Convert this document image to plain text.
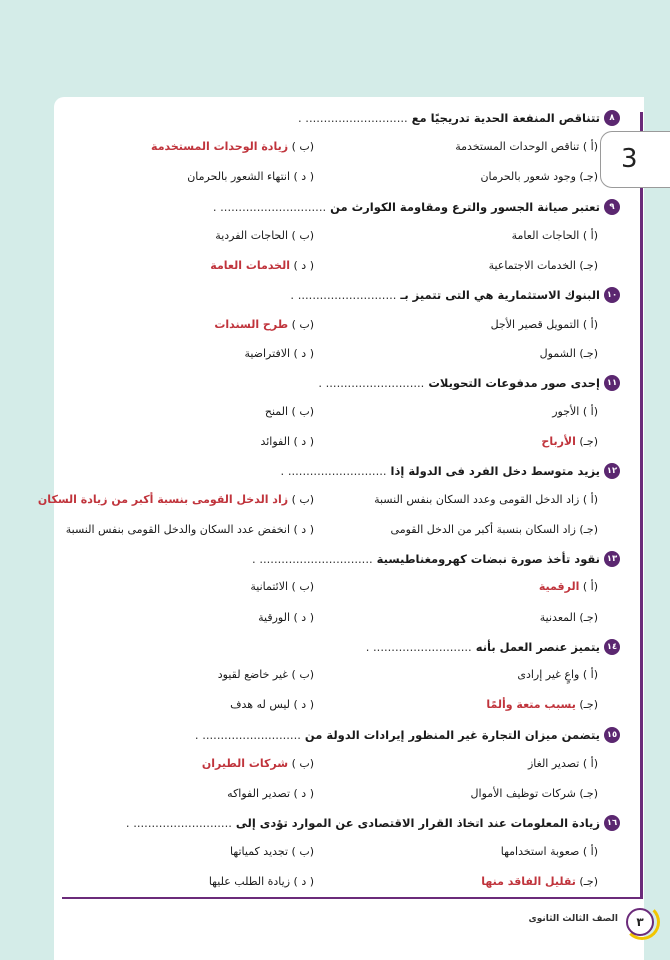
3
٨
تتناقص المنفعة الحدية تدريجيًا مع
............................ .
(أ ) تناقص الوحدات المستخدمة
(ب ) زيادة الوحدات المستخدمة
(جـ) وجود شعور بالحرمان
( د ) انتهاء الشعور بالحرمان
٩
تعتبر صيانة الجسور والترع ومقاومة الكوارث من
............................. .
(أ ) الحاجات العامة
(ب ) الحاجات الفردية
(جـ) الخدمات الاجتماعية
( د ) الخدمات العامة
١٠
البنوك الاستثمارية هي التى تتميز بـ
........................... .
(أ ) التمويل قصير الأجل
(ب ) طرح السندات
(جـ) الشمول
( د ) الافتراضية
١١
إحدى صور مدفوعات التحويلات
........................... .
(أ ) الأجور
(ب ) المنح
(جـ) الأرباح
( د ) الفوائد
١٢
يزيد متوسط دخل الفرد فى الدولة إذا
........................... .
(أ ) زاد الدخل القومى وعدد السكان بنفس النسبة
(ب ) زاد الدخل القومى بنسبة أكبر من زيادة السكان
(جـ) زاد السكان بنسبة أكبر من الدخل القومى
( د ) انخفض عدد السكان والدخل القومى بنفس النسبة
١٣
نقود تأخذ صورة نبضات كهرومغناطيسية
............................... .
(أ ) الرقمية
(ب ) الائتمانية
(جـ) المعدنية
( د ) الورقية
١٤
يتميز عنصر العمل بأنه
........................... .
(أ ) واعٍ غير إرادى
(ب ) غير خاضع لقيود
(جـ) يسبب متعة وألمًا
( د ) ليس له هدف
١٥
يتضمن ميزان التجارة غير المنظور إيرادات الدولة من
........................... .
(أ ) تصدير الغاز
(ب ) شركات الطيران
(جـ) شركات توظيف الأموال
( د ) تصدير الفواكه
١٦
زيادة المعلومات عند اتخاذ القرار الاقتصادى عن الموارد تؤدى إلى
........................... .
(أ ) صعوبة استخدامها
(ب ) تجديد كمياتها
(جـ) تقليل الفاقد منها
( د ) زيادة الطلب عليها
٣
الصف الثالث الثانوى
